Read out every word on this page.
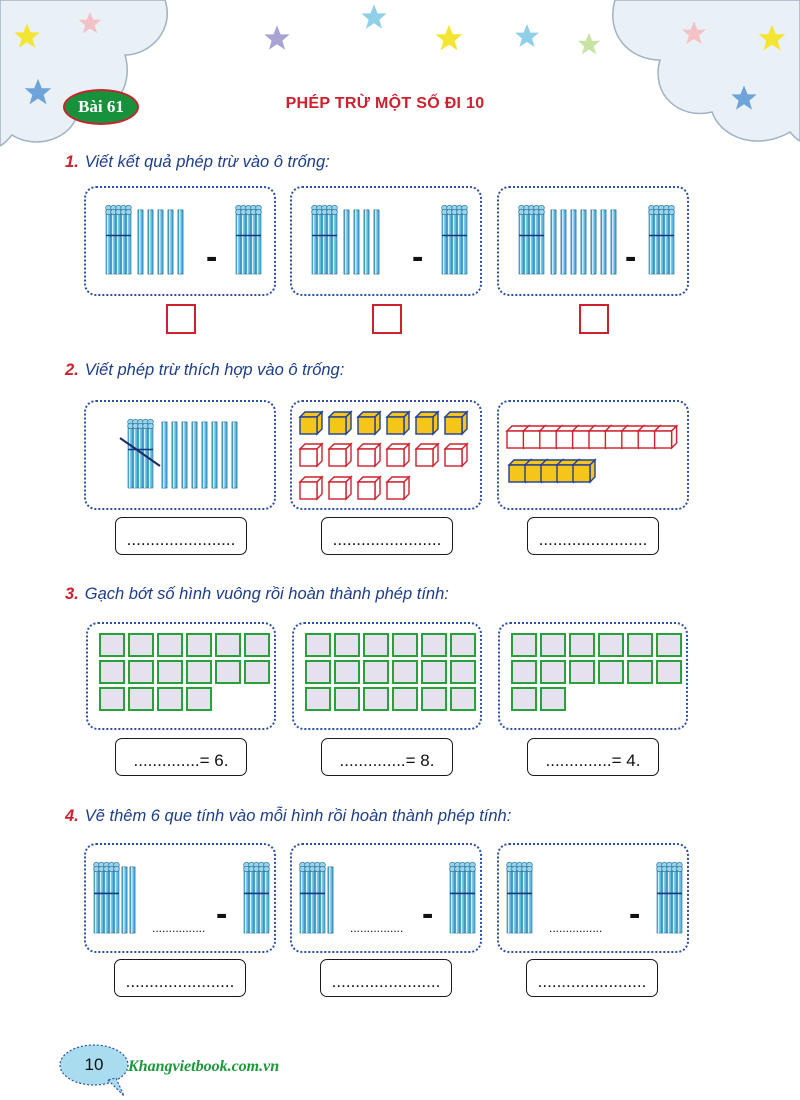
Bài 61	PHÉP TRỪ MỘT SỐ ĐI 10
1. Viết kết quả phép trừ vào ô trống:
-	-	-
2. Viết phép trừ thích hợp vào ô trống:
.......................	.......................	.......................
3. Gạch bớt số hình vuông rồi hoàn thành phép tính:
..............= 6.	..............= 8.	..............= 4.
4. Vẽ thêm 6 que tính vào mỗi hình rồi hoàn thành phép tính:
................ -	................ -	................ -
.......................	.......................	.......................
10	Khangvietbook.com.vn
